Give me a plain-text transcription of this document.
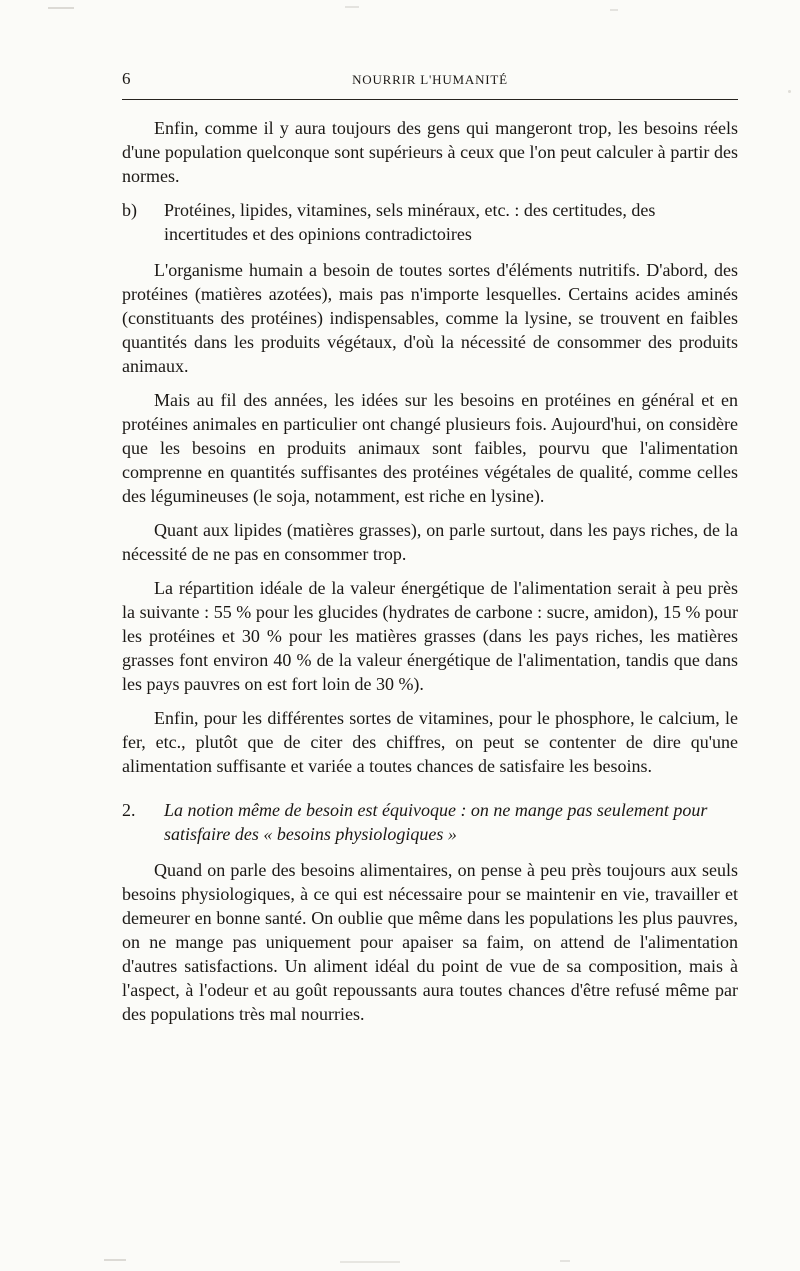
6	NOURRIR L'HUMANITÉ

Enfin, comme il y aura toujours des gens qui mangeront trop, les besoins réels d'une population quelconque sont supérieurs à ceux que l'on peut calculer à partir des normes.

b)	Protéines, lipides, vitamines, sels minéraux, etc. : des certitudes, des incertitudes et des opinions contradictoires

L'organisme humain a besoin de toutes sortes d'éléments nutritifs. D'abord, des protéines (matières azotées), mais pas n'importe lesquelles. Certains acides aminés (constituants des protéines) indispensables, comme la lysine, se trouvent en faibles quantités dans les produits végétaux, d'où la nécessité de consommer des produits animaux.

Mais au fil des années, les idées sur les besoins en protéines en général et en protéines animales en particulier ont changé plusieurs fois. Aujourd'hui, on considère que les besoins en produits animaux sont faibles, pourvu que l'alimentation comprenne en quantités suffisantes des protéines végétales de qualité, comme celles des légumineuses (le soja, notamment, est riche en lysine).

Quant aux lipides (matières grasses), on parle surtout, dans les pays riches, de la nécessité de ne pas en consommer trop.

La répartition idéale de la valeur énergétique de l'alimentation serait à peu près la suivante : 55 % pour les glucides (hydrates de carbone : sucre, amidon), 15 % pour les protéines et 30 % pour les matières grasses (dans les pays riches, les matières grasses font environ 40 % de la valeur énergétique de l'alimentation, tandis que dans les pays pauvres on est fort loin de 30 %).

Enfin, pour les différentes sortes de vitamines, pour le phosphore, le calcium, le fer, etc., plutôt que de citer des chiffres, on peut se contenter de dire qu'une alimentation suffisante et variée a toutes chances de satisfaire les besoins.

2.	La notion même de besoin est équivoque : on ne mange pas seulement pour satisfaire des « besoins physiologiques »

Quand on parle des besoins alimentaires, on pense à peu près toujours aux seuls besoins physiologiques, à ce qui est nécessaire pour se maintenir en vie, travailler et demeurer en bonne santé. On oublie que même dans les populations les plus pauvres, on ne mange pas uniquement pour apaiser sa faim, on attend de l'alimentation d'autres satisfactions. Un aliment idéal du point de vue de sa composition, mais à l'aspect, à l'odeur et au goût repoussants aura toutes chances d'être refusé même par des populations très mal nourries.
